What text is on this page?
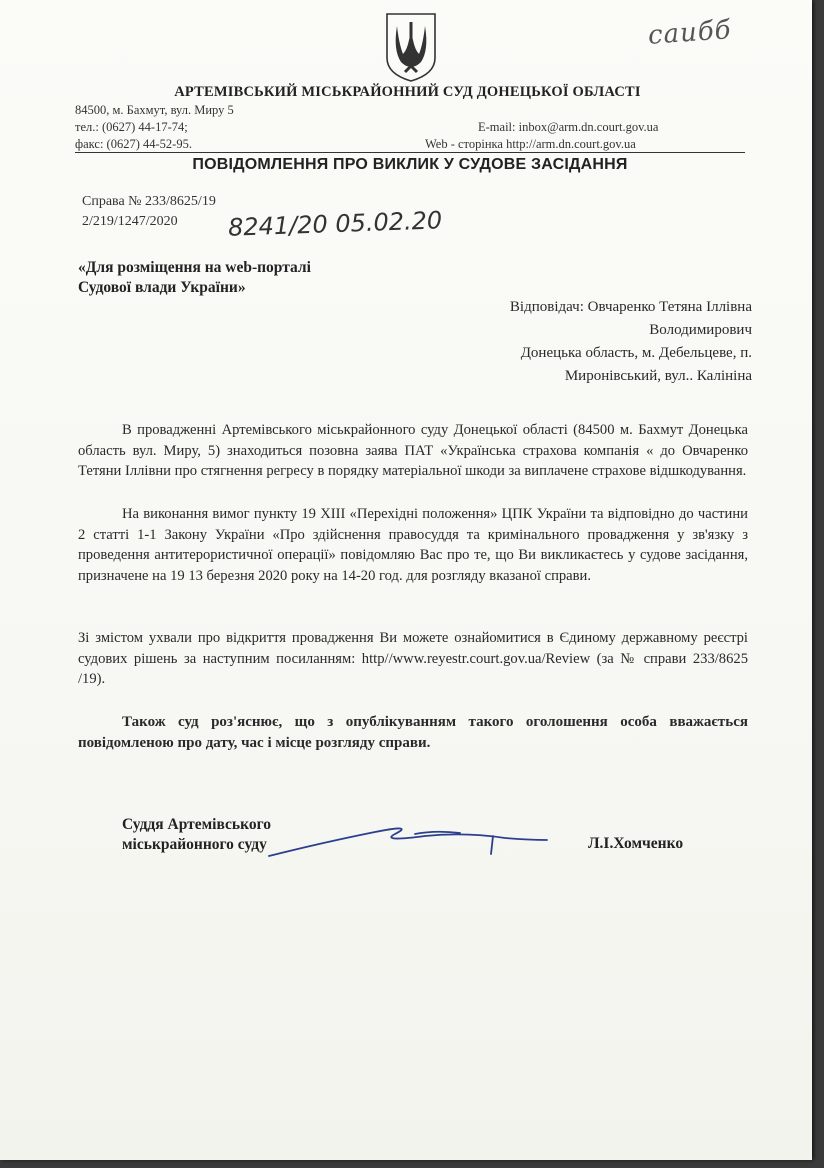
саибб
АРТЕМІВСЬКИЙ МІСЬКРАЙОННИЙ СУД ДОНЕЦЬКОЇ ОБЛАСТІ
84500, м. Бахмут, вул. Миру 5
тел.: (0627) 44-17-74;
факс: (0627) 44-52-95.
E-mail: inbox@arm.dn.court.gov.ua
Web - сторінка http://arm.dn.court.gov.ua
ПОВІДОМЛЕННЯ ПРО ВИКЛИК У СУДОВЕ ЗАСІДАННЯ
Справа № 233/8625/19
2/219/1247/2020 8241/20 05.02.20
«Для розміщення на web-порталі
Судової влади України»
Відповідач: Овчаренко Тетяна Іллівна
Володимирович
Донецька область, м. Дебельцеве, п.
Миронівський, вул.. Калініна
В провадженні Артемівського міськрайонного суду Донецької області (84500 м. Бахмут Донецька область вул. Миру, 5) знаходиться позовна заява ПАТ «Українська страхова компанія « до Овчаренко Тетяни Іллівни про стягнення регресу в порядку матеріальної шкоди за виплачене страхове відшкодування.
На виконання вимог пункту 19 XIII «Перехідні положення» ЦПК України та відповідно до частини 2 статті 1-1 Закону України «Про здійснення правосуддя та кримінального провадження у зв'язку з проведення антитерористичної операції» повідомляю Вас про те, що Ви викликаєтесь у судове засідання, призначене на 19 13 березня 2020 року на 14-20 год. для розгляду вказаної справи.
Зі змістом ухвали про відкриття провадження Ви можете ознайомитися в Єдиному державному реєстрі судових рішень за наступним посиланням: http//www.reyestr.court.gov.ua/Review (за № справи 233/8625 /19).
Також суд роз'яснює, що з опублікуванням такого оголошення особа вважається повідомленою про дату, час і місце розгляду справи.
Суддя Артемівського
міськрайонного суду	Л.І.Хомченко
